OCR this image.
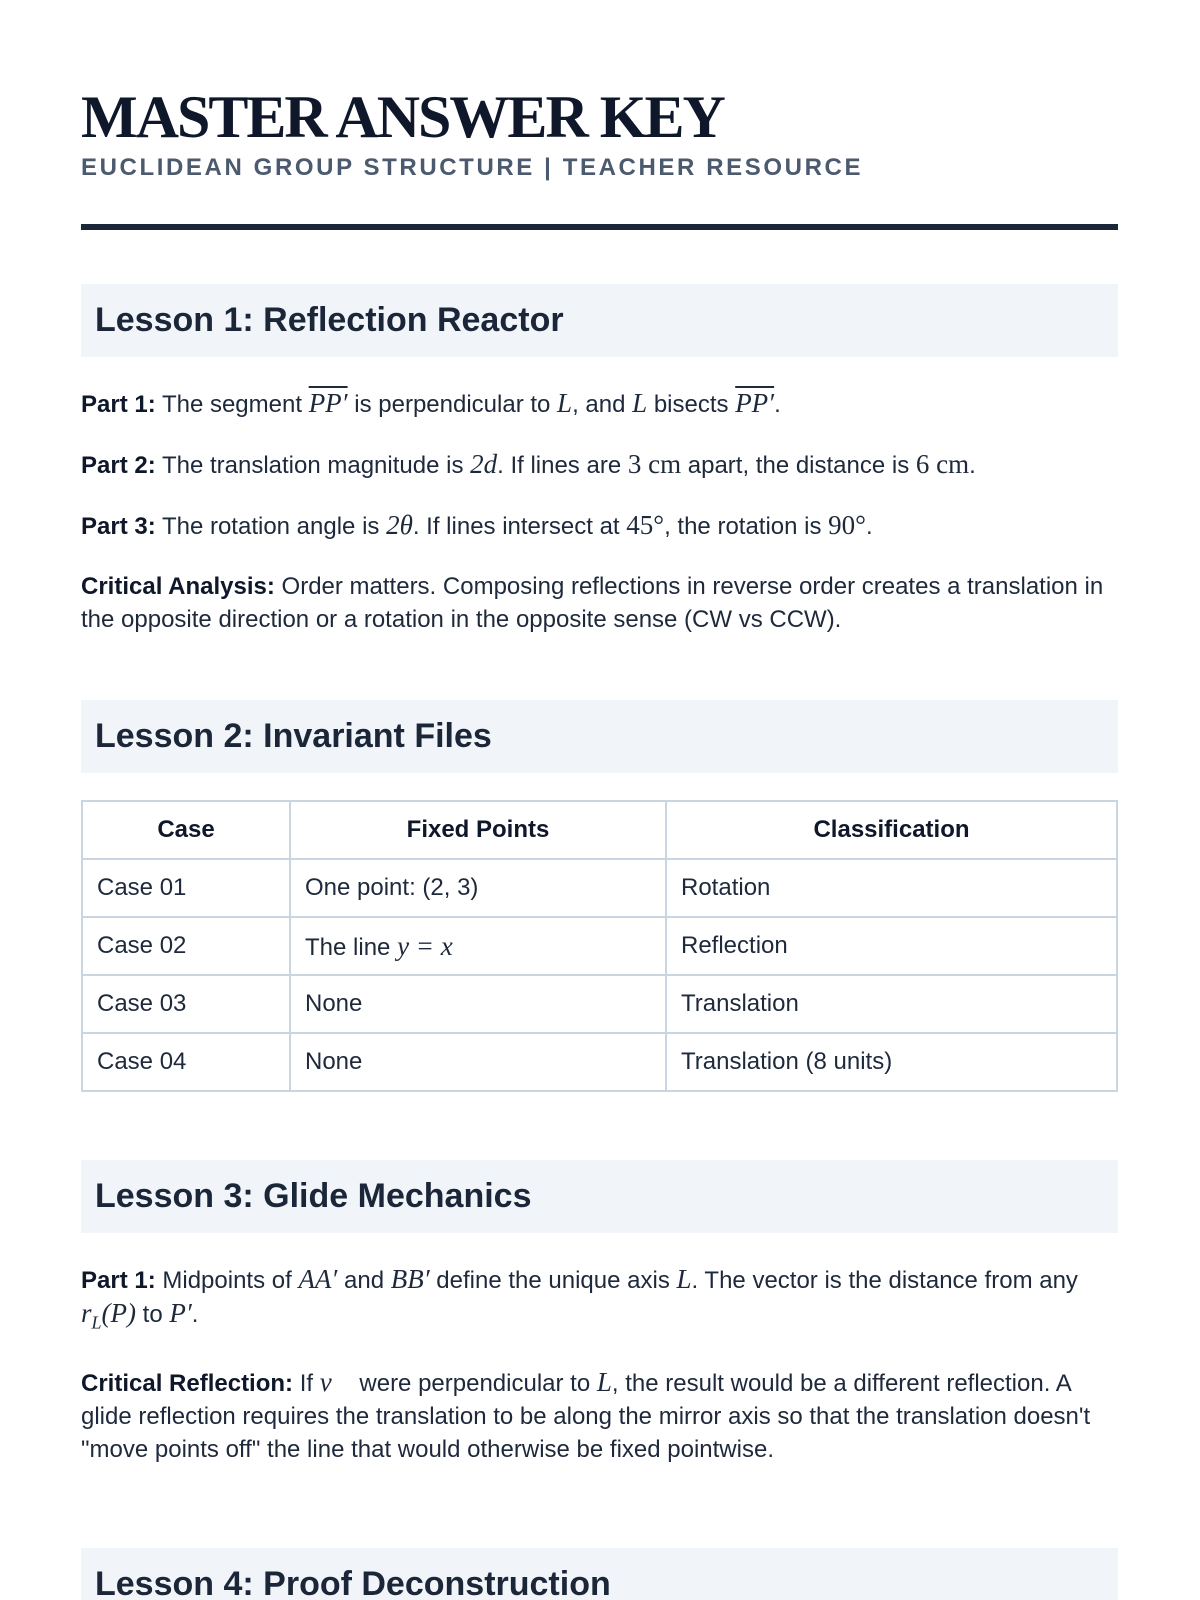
MASTER ANSWER KEY
EUCLIDEAN GROUP STRUCTURE | TEACHER RESOURCE
Lesson 1: Reflection Reactor

Part 1: The segment PP′ is perpendicular to L, and L bisects PP′.

Part 2: The translation magnitude is 2d. If lines are 3 cm apart, the distance is 6 cm.

Part 3: The rotation angle is 2θ. If lines intersect at 45°, the rotation is 90°.

Critical Analysis: Order matters. Composing reflections in reverse order creates a translation in the opposite direction or a rotation in the opposite sense (CW vs CCW).

Lesson 2: Invariant Files
Case	Fixed Points	Classification
Case 01	One point: (2, 3)	Rotation
Case 02	The line y = x	Reflection
Case 03	None	Translation
Case 04	None	Translation (8 units)
Lesson 3: Glide Mechanics

Part 1: Midpoints of AA′ and BB′ define the unique axis L. The vector is the distance from any $r_L(P)$ to P′.

Critical Reflection: If v⃗ were perpendicular to L, the result would be a different reflection. A glide reflection requires the translation to be along the mirror axis so that the translation doesn't "move points off" the line that would otherwise be fixed pointwise.

Lesson 4: Proof Deconstruction
